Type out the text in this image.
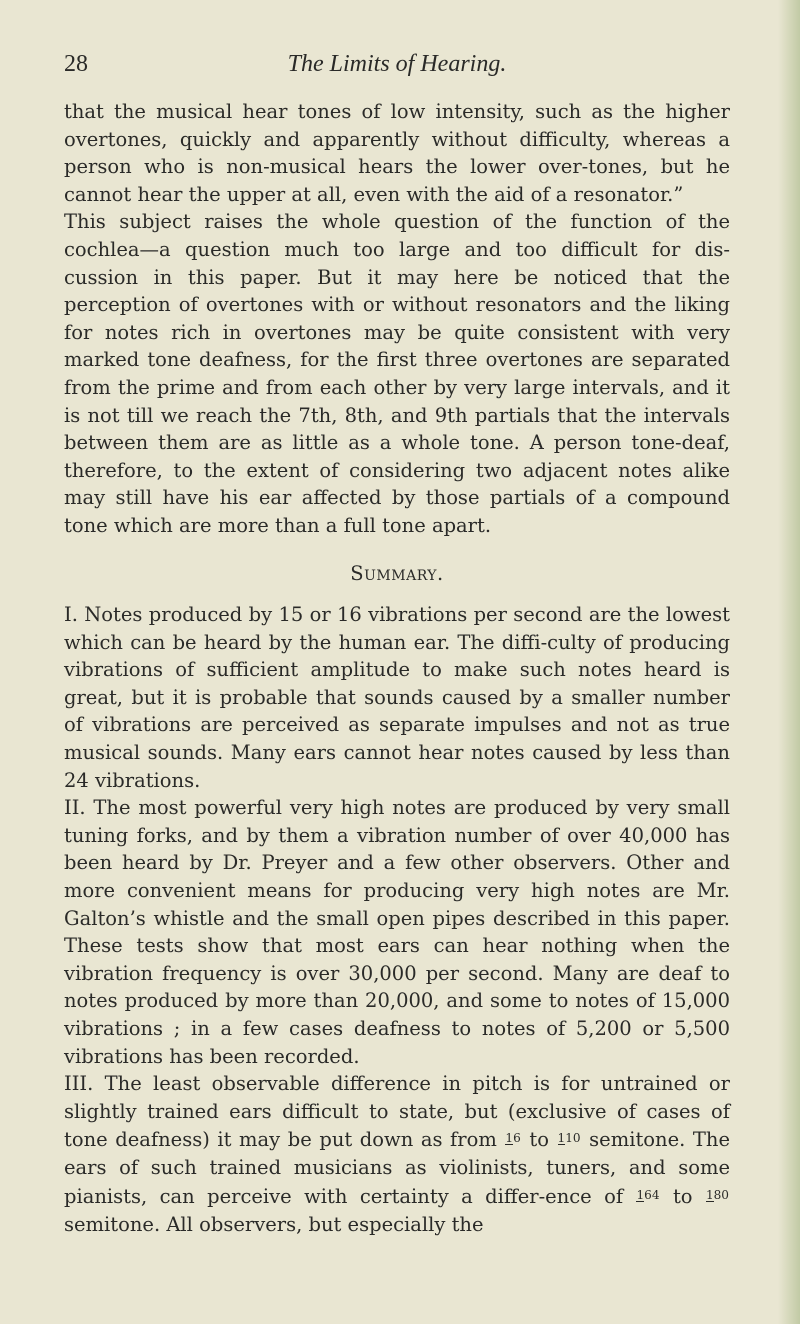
28	The Limits of Hearing.

that the musical hear tones of low intensity, such as the higher overtones, quickly and apparently without difficulty, whereas a person who is non-musical hears the lower over-tones, but he cannot hear the upper at all, even with the aid of a resonator.”

This subject raises the whole question of the function of the cochlea—a question much too large and too difficult for dis-cussion in this paper. But it may here be noticed that the perception of overtones with or without resonators and the liking for notes rich in overtones may be quite consistent with very marked tone deafness, for the first three overtones are separated from the prime and from each other by very large intervals, and it is not till we reach the 7th, 8th, and 9th partials that the intervals between them are as little as a whole tone. A person tone-deaf, therefore, to the extent of considering two adjacent notes alike may still have his ear affected by those partials of a compound tone which are more than a full tone apart.

Summary.

I. Notes produced by 15 or 16 vibrations per second are the lowest which can be heard by the human ear. The diffi-culty of producing vibrations of sufficient amplitude to make such notes heard is great, but it is probable that sounds caused by a smaller number of vibrations are perceived as separate impulses and not as true musical sounds. Many ears cannot hear notes caused by less than 24 vibrations.

II. The most powerful very high notes are produced by very small tuning forks, and by them a vibration number of over 40,000 has been heard by Dr. Preyer and a few other observers. Other and more convenient means for producing very high notes are Mr. Galton’s whistle and the small open pipes described in this paper. These tests show that most ears can hear nothing when the vibration frequency is over 30,000 per second. Many are deaf to notes produced by more than 20,000, and some to notes of 15,000 vibrations ; in a few cases deafness to notes of 5,200 or 5,500 vibrations has been recorded.

III. The least observable difference in pitch is for untrained or slightly trained ears difficult to state, but (exclusive of cases of tone deafness) it may be put down as from $^{16}$ to $^{110}$ semitone. The ears of such trained musicians as violinists, tuners, and some pianists, can perceive with certainty a differ-ence of $^{164}$ to $^{180}$ semitone. All observers, but especially the
